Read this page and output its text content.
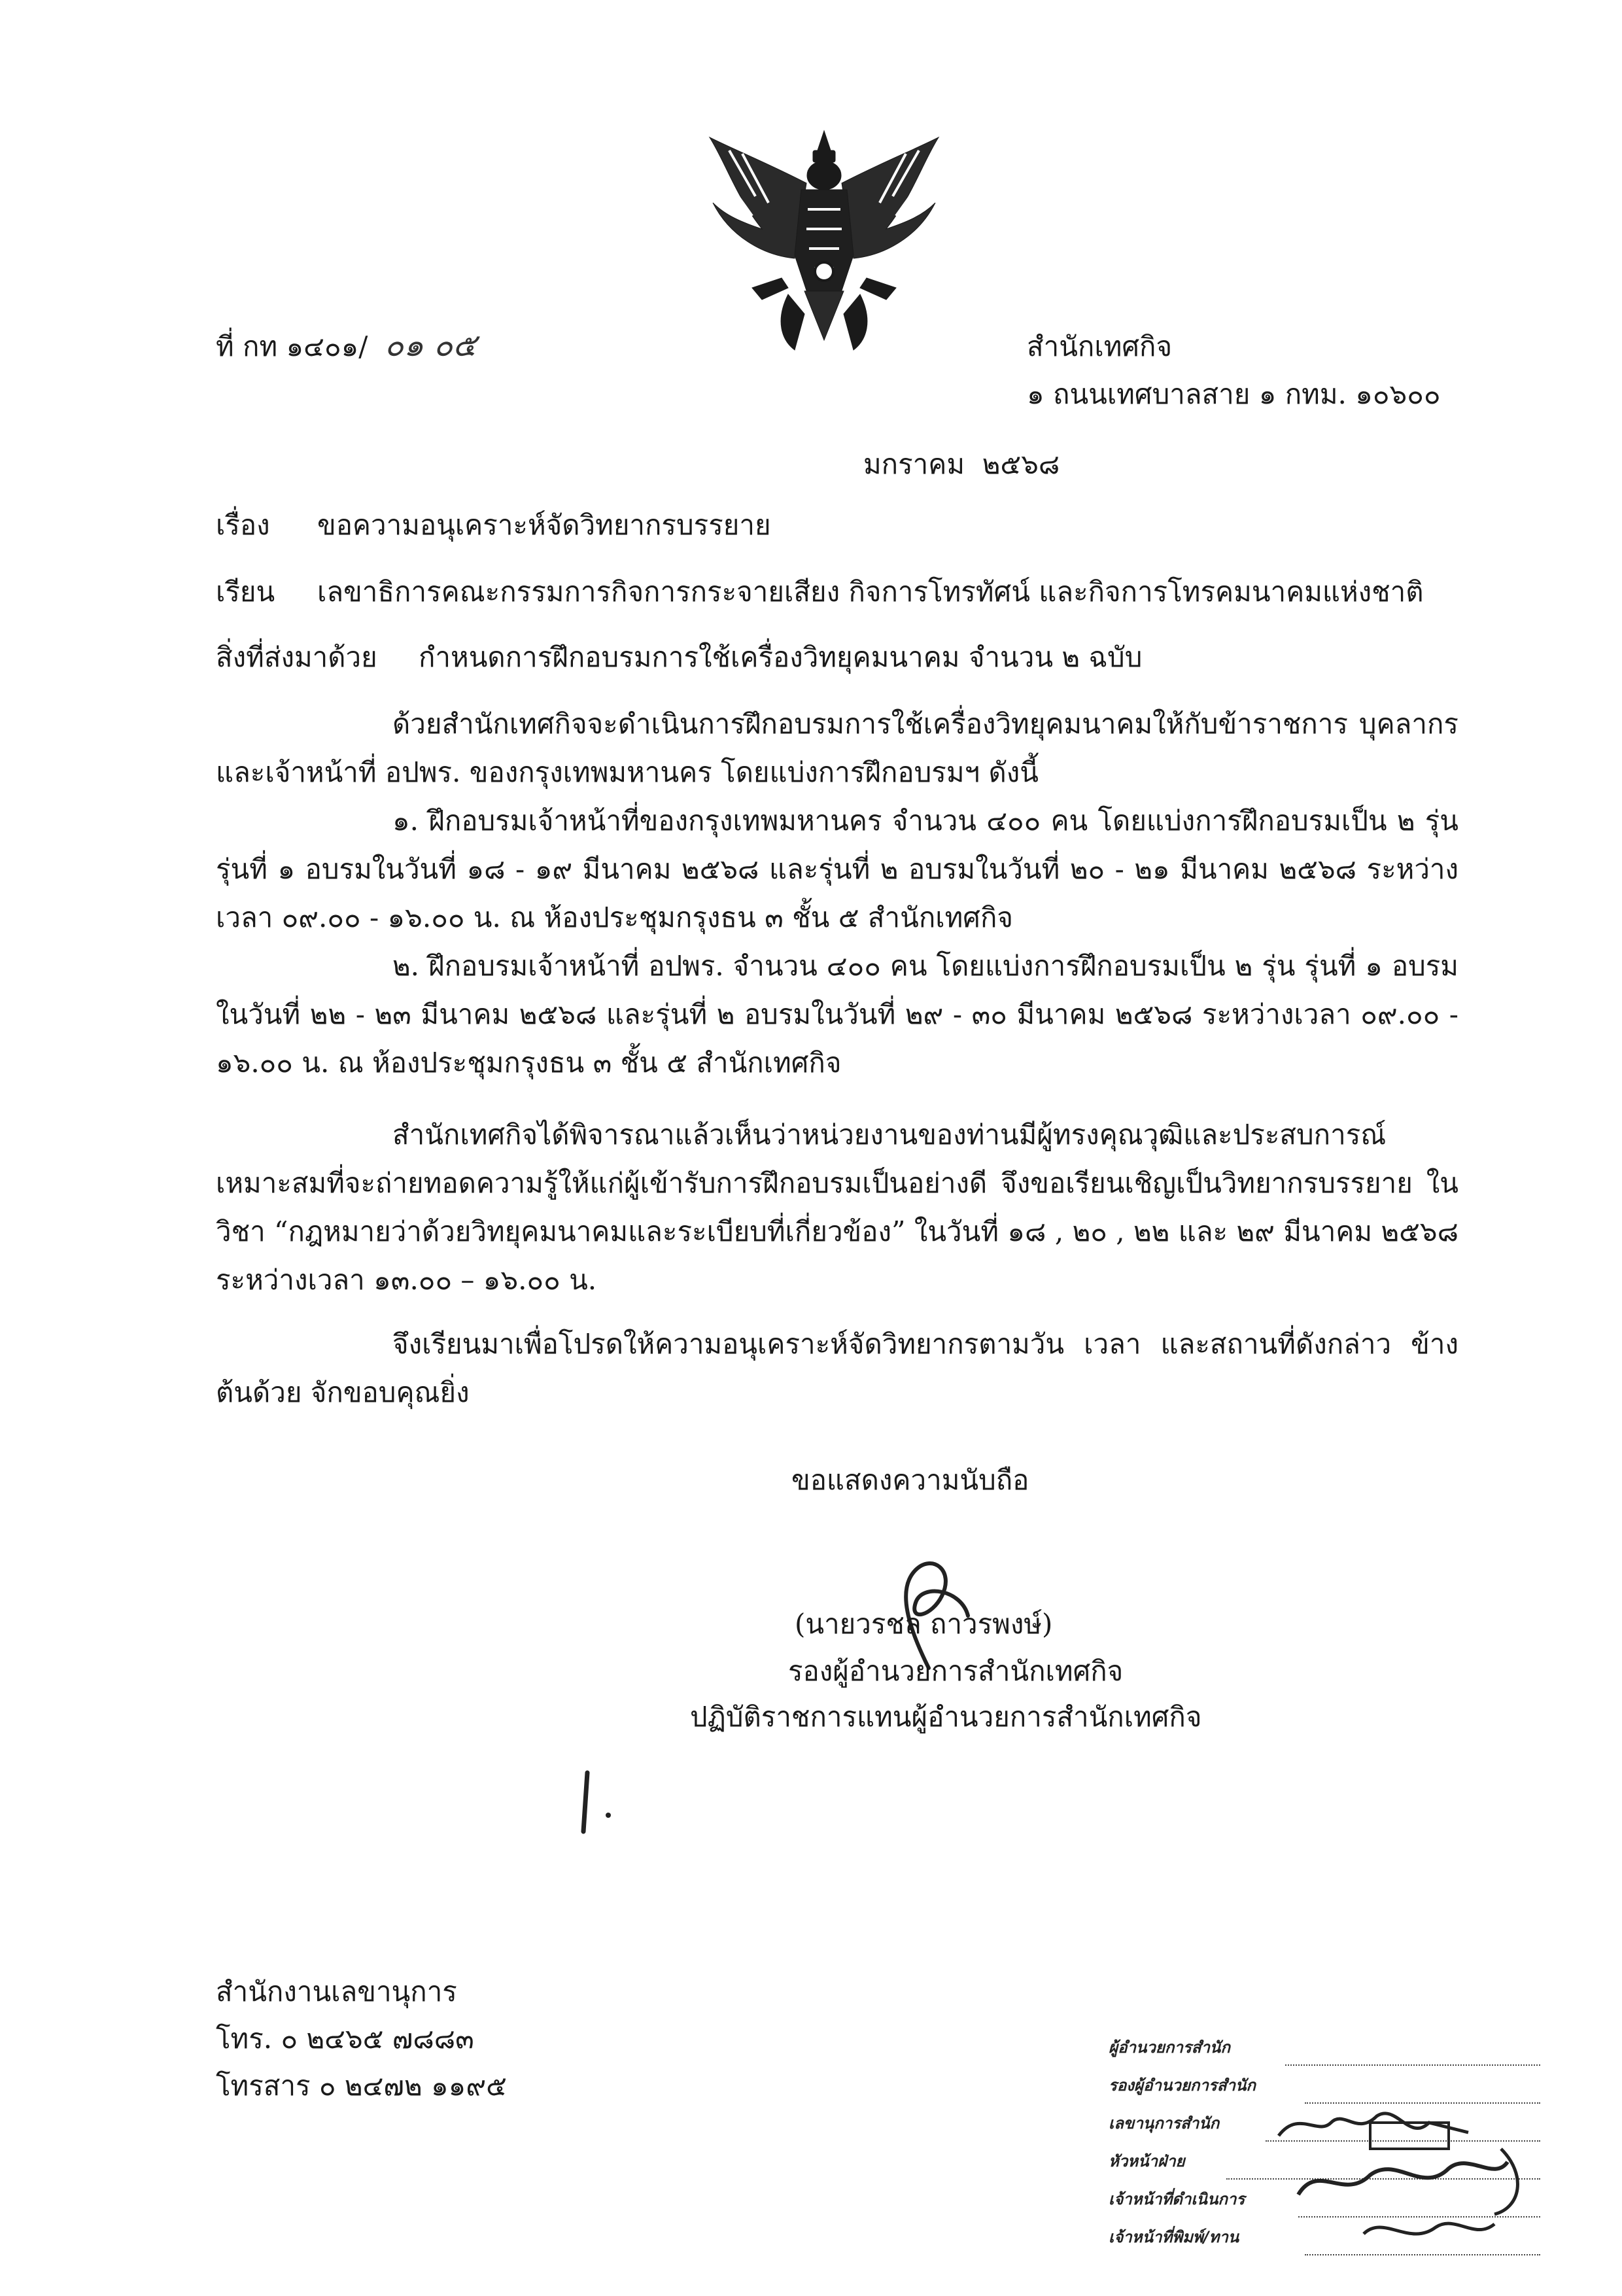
ที่ กท ๑๔๐๑/ ๐๑ ๐๕	สำนักเทศกิจ
๑ ถนนเทศบาลสาย ๑ กทม. ๑๐๖๐๐
มกราคม  ๒๕๖๘
เรื่อง ขอความอนุเคราะห์จัดวิทยากรบรรยาย
เรียน เลขาธิการคณะกรรมการกิจการกระจายเสียง กิจการโทรทัศน์ และกิจการโทรคมนาคมแห่งชาติ
สิ่งที่ส่งมาด้วย กำหนดการฝึกอบรมการใช้เครื่องวิทยุคมนาคม จำนวน ๒ ฉบับ
ด้วยสำนักเทศกิจจะดำเนินการฝึกอบรมการใช้เครื่องวิทยุคมนาคมให้กับข้าราชการ บุคลากร และเจ้าหน้าที่ อปพร. ของกรุงเทพมหานคร โดยแบ่งการฝึกอบรมฯ ดังนี้
๑. ฝึกอบรมเจ้าหน้าที่ของกรุงเทพมหานคร จำนวน ๔๐๐ คน โดยแบ่งการฝึกอบรมเป็น ๒ รุ่น รุ่นที่ ๑ อบรมในวันที่ ๑๘ - ๑๙ มีนาคม ๒๕๖๘ และรุ่นที่ ๒ อบรมในวันที่ ๒๐ - ๒๑ มีนาคม ๒๕๖๘ ระหว่างเวลา ๐๙.๐๐ - ๑๖.๐๐ น. ณ ห้องประชุมกรุงธน ๓ ชั้น ๕ สำนักเทศกิจ
๒. ฝึกอบรมเจ้าหน้าที่ อปพร. จำนวน ๔๐๐ คน โดยแบ่งการฝึกอบรมเป็น ๒ รุ่น รุ่นที่ ๑ อบรมในวันที่ ๒๒ - ๒๓ มีนาคม ๒๕๖๘ และรุ่นที่ ๒ อบรมในวันที่ ๒๙ - ๓๐ มีนาคม ๒๕๖๘ ระหว่างเวลา ๐๙.๐๐ - ๑๖.๐๐ น. ณ ห้องประชุมกรุงธน ๓ ชั้น ๕ สำนักเทศกิจ
สำนักเทศกิจได้พิจารณาแล้วเห็นว่าหน่วยงานของท่านมีผู้ทรงคุณวุฒิและประสบการณ์ เหมาะสมที่จะถ่ายทอดความรู้ให้แก่ผู้เข้ารับการฝึกอบรมเป็นอย่างดี จึงขอเรียนเชิญเป็นวิทยากรบรรยาย ในวิชา “กฎหมายว่าด้วยวิทยุคมนาคมและระเบียบที่เกี่ยวข้อง” ในวันที่ ๑๘ , ๒๐ , ๒๒ และ ๒๙ มีนาคม ๒๕๖๘ ระหว่างเวลา ๑๓.๐๐ – ๑๖.๐๐ น.
จึงเรียนมาเพื่อโปรดให้ความอนุเคราะห์จัดวิทยากรตามวัน เวลา และสถานที่ดังกล่าว ข้างต้นด้วย จักขอบคุณยิ่ง
ขอแสดงความนับถือ
(นายวรชล ถาวรพงษ์)
รองผู้อำนวยการสำนักเทศกิจ
ปฏิบัติราชการแทนผู้อำนวยการสำนักเทศกิจ
สำนักงานเลขานุการ
โทร. ๐ ๒๔๖๕ ๗๘๘๓
โทรสาร ๐ ๒๔๗๒ ๑๑๙๕
ผู้อำนวยการสำนัก
รองผู้อำนวยการสำนัก
เลขานุการสำนัก
หัวหน้าฝ่าย
เจ้าหน้าที่ดำเนินการ
เจ้าหน้าที่พิมพ์/ทาน
